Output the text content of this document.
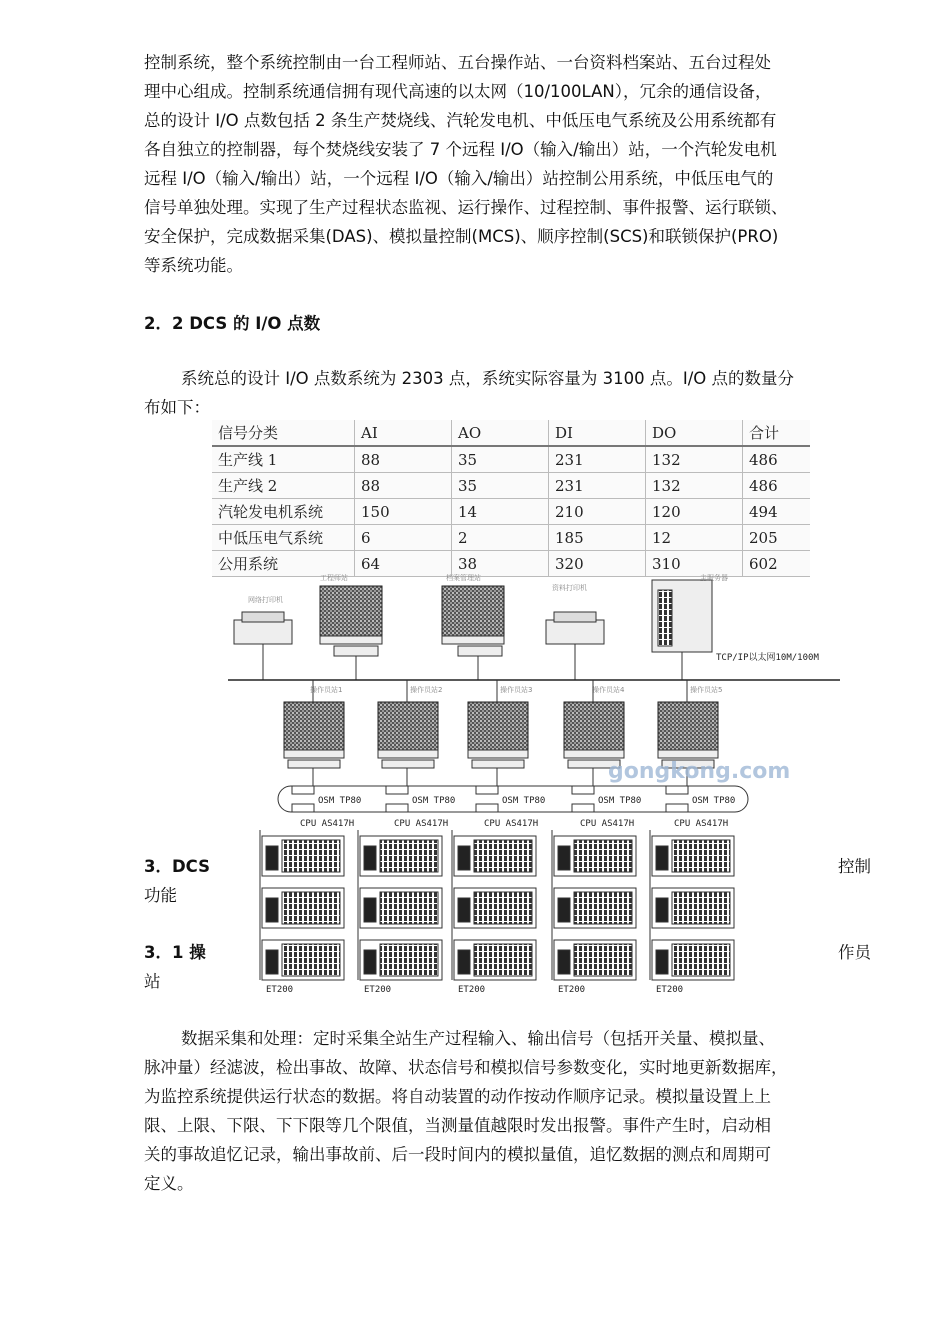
控制系统，整个系统控制由一台工程师站、五台操作站、一台资料档案站、五台过程处
理中心组成。控制系统通信拥有现代高速的以太网（10/100LAN），冗余的通信设备，
总的设计 I/O 点数包括 2 条生产焚烧线、汽轮发电机、中低压电气系统及公用系统都有
各自独立的控制器，每个焚烧线安装了 7 个远程 I/O（输入/输出）站，一个汽轮发电机
远程 I/O（输入/输出）站，一个远程 I/O（输入/输出）站控制公用系统，中低压电气的
信号单独处理。实现了生产过程状态监视、运行操作、过程控制、事件报警、运行联锁、
安全保护，完成数据采集(DAS)、模拟量控制(MCS)、顺序控制(SCS)和联锁保护(PRO)
等系统功能。
2．2 DCS 的 I/O 点数
系统总的设计 I/O 点数系统为 2303 点，系统实际容量为 3100 点。I/O 点的数量分
布如下：
信号分类	AI	AO	DI	DO	合计
生产线 1	88	35	231	132	486
生产线 2	88	35	231	132	486
汽轮发电机系统	150	14	210	120	494
中低压电气系统	6	2	185	12	205
公用系统	64	38	320	310	602
网络打印机
工程师站	档案管理站
资料打印机
主服务器
TCP/IP以太网10M/100M
操作员站1	操作员站2	操作员站3	操作员站4	操作员站5
gongkong.com
OSM TP80
CPU AS417H
ET200
OSM TP80
CPU AS417H
ET200
OSM TP80
CPU AS417H
ET200
OSM TP80
CPU AS417H
ET200
OSM TP80
CPU AS417H
ET200
3．DCS
功能
控制
3．1 操
站
作员
数据采集和处理：定时采集全站生产过程输入、输出信号（包括开关量、模拟量、
脉冲量）经滤波，检出事故、故障、状态信号和模拟信号参数变化，实时地更新数据库，
为监控系统提供运行状态的数据。将自动装置的动作按动作顺序记录。模拟量设置上上
限、上限、下限、下下限等几个限值，当测量值越限时发出报警。事件产生时，启动相
关的事故追忆记录，输出事故前、后一段时间内的模拟量值，追忆数据的测点和周期可
定义。
